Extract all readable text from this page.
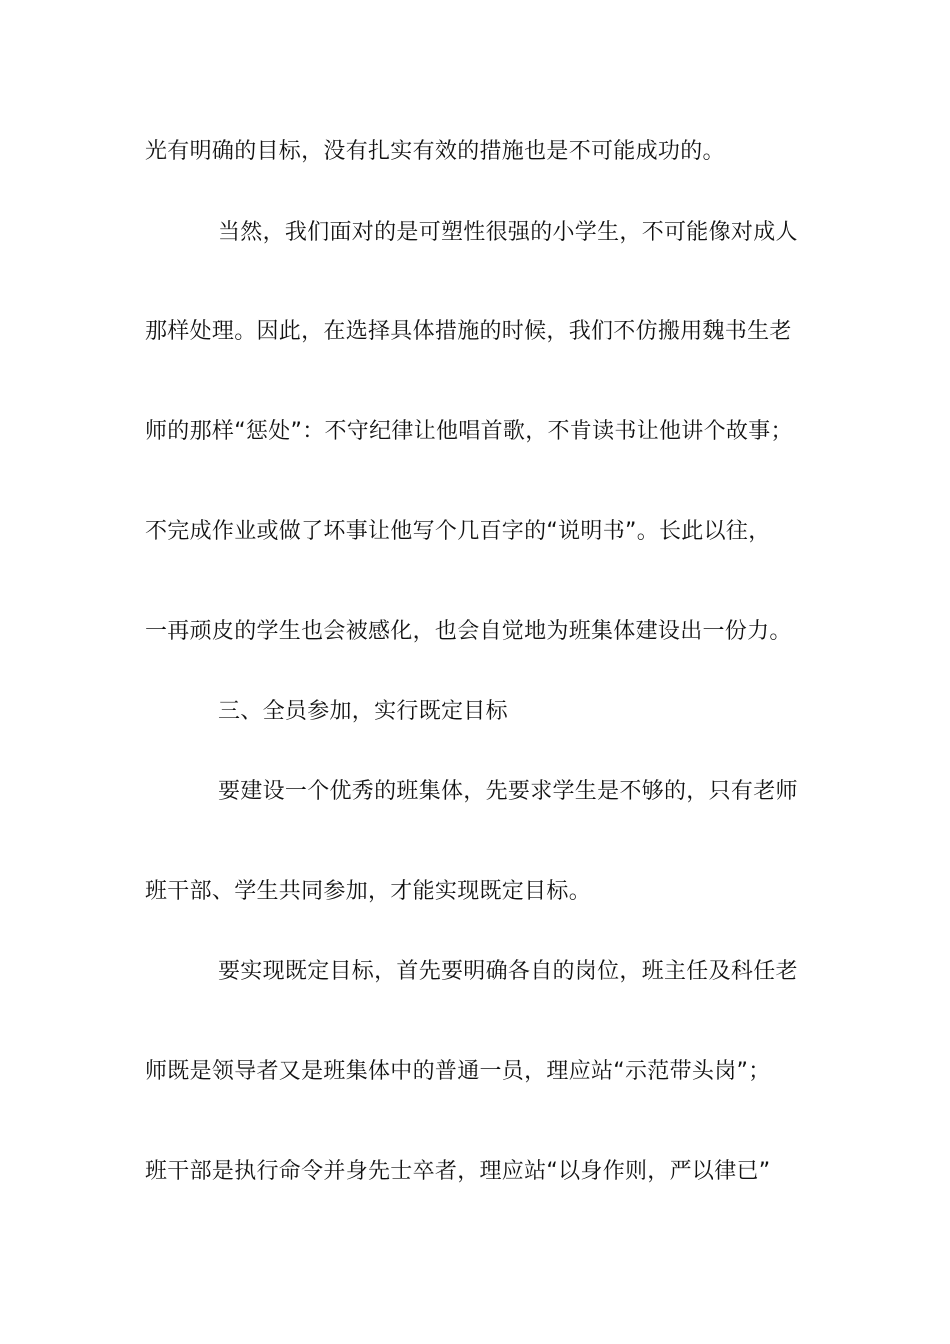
光有明确的目标，没有扎实有效的措施也是不可能成功的。
当然，我们面对的是可塑性很强的小学生，不可能像对成人
那样处理。因此，在选择具体措施的时候，我们不仿搬用魏书生老
师的那样“惩处”：不守纪律让他唱首歌，不肯读书让他讲个故事；
不完成作业或做了坏事让他写个几百字的“说明书”。长此以往，
一再顽皮的学生也会被感化，也会自觉地为班集体建设出一份力。
三、全员参加，实行既定目标
要建设一个优秀的班集体，先要求学生是不够的，只有老师
班干部、学生共同参加，才能实现既定目标。
要实现既定目标，首先要明确各自的岗位，班主任及科任老
师既是领导者又是班集体中的普通一员，理应站“示范带头岗”；
班干部是执行命令并身先士卒者，理应站“以身作则，严以律已”
